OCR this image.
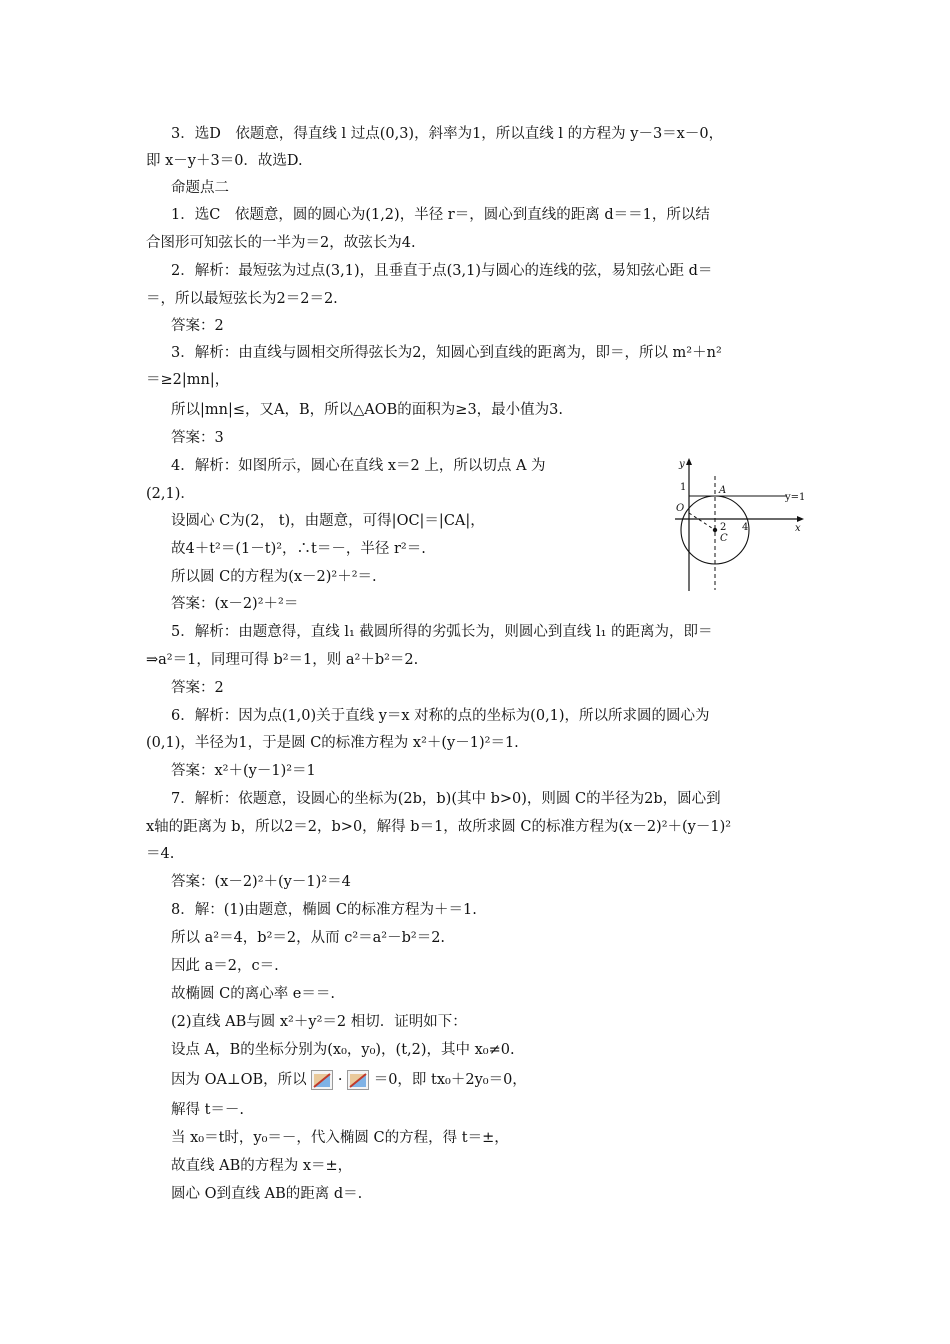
3．选D　依题意，得直线 l 过点(0,3)，斜率为1，所以直线 l 的方程为 y－3＝x－0，
即 x－y＋3＝0．故选D.
命题点二
1．选C　依题意，圆的圆心为(1,2)，半径 r＝，圆心到直线的距离 d＝＝1，所以结
合图形可知弦长的一半为＝2，故弦长为4.
2．解析：最短弦为过点(3,1)，且垂直于点(3,1)与圆心的连线的弦，易知弦心距 d＝
＝，所以最短弦长为2＝2＝2.
答案：2
3．解析：由直线与圆相交所得弦长为2，知圆心到直线的距离为，即＝，所以 m²＋n²
＝≥2|mn|，
所以|mn|≤，又A，B，所以△AOB的面积为≥3，最小值为3.
答案：3
4．解析：如图所示，圆心在直线 x＝2 上，所以切点 A 为
(2,1)．
设圆心 C为(2， t)，由题意，可得|OC|＝|CA|，
故4＋t²＝(1－t)²，∴t＝－，半径 r²＝.
所以圆 C的方程为(x－2)²＋²＝.
答案：(x－2)²＋²＝
5．解析：由题意得，直线 l₁ 截圆所得的劣弧长为，则圆心到直线 l₁ 的距离为，即＝
⇒a²＝1，同理可得 b²＝1，则 a²＋b²＝2.
答案：2
6．解析：因为点(1,0)关于直线 y＝x 对称的点的坐标为(0,1)，所以所求圆的圆心为
(0,1)，半径为1，于是圆 C的标准方程为 x²＋(y－1)²＝1.
答案：x²＋(y－1)²＝1
7．解析：依题意，设圆心的坐标为(2b，b)(其中 b>0)，则圆 C的半径为2b，圆心到
x轴的距离为 b，所以2＝2，b>0，解得 b＝1，故所求圆 C的标准方程为(x－2)²＋(y－1)²
＝4.
答案：(x－2)²＋(y－1)²＝4
8．解：(1)由题意，椭圆 C的标准方程为＋＝1.
所以 a²＝4，b²＝2，从而 c²＝a²－b²＝2.
因此 a＝2，c＝.
故椭圆 C的离心率 e＝＝.
(2)直线 AB与圆 x²＋y²＝2 相切．证明如下：
设点 A，B的坐标分别为(x₀，y₀)，(t,2)，其中 x₀≠0.
因为 OA⊥OB，所以 · ＝0，即 tx₀＋2y₀＝0，
解得 t＝－.
当 x₀＝t时，y₀＝－，代入椭圆 C的方程，得 t＝±，
故直线 AB的方程为 x＝±，
圆心 O到直线 AB的距离 d＝.
y
x
1
O
A
y=1
2 4
C
